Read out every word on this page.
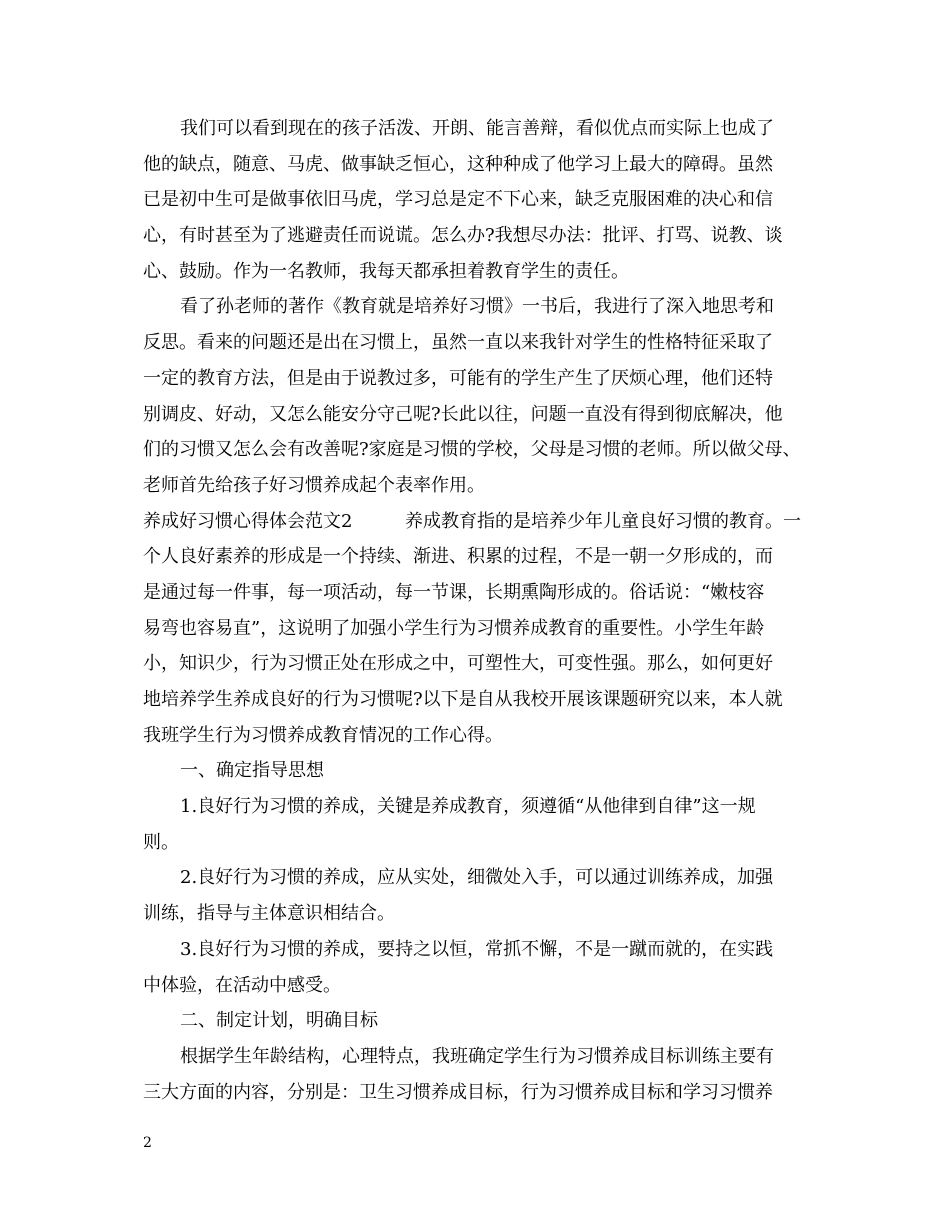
我们可以看到现在的孩子活泼、开朗、能言善辩，看似优点而实际上也成了
他的缺点，随意、马虎、做事缺乏恒心，这种种成了他学习上最大的障碍。虽然
已是初中生可是做事依旧马虎，学习总是定不下心来，缺乏克服困难的决心和信
心，有时甚至为了逃避责任而说谎。怎么办?我想尽办法：批评、打骂、说教、谈
心、鼓励。作为一名教师，我每天都承担着教育学生的责任。
看了孙老师的著作《教育就是培养好习惯》一书后，我进行了深入地思考和
反思。看来的问题还是出在习惯上，虽然一直以来我针对学生的性格特征采取了
一定的教育方法，但是由于说教过多，可能有的学生产生了厌烦心理，他们还特
别调皮、好动，又怎么能安分守己呢?长此以往，问题一直没有得到彻底解决，他
们的习惯又怎么会有改善呢?家庭是习惯的学校，父母是习惯的老师。所以做父母、
老师首先给孩子好习惯养成起个表率作用。
养成好习惯心得体会范文2	养成教育指的是培养少年儿童良好习惯的教育。一
个人良好素养的形成是一个持续、渐进、积累的过程，不是一朝一夕形成的，而
是通过每一件事，每一项活动，每一节课，长期熏陶形成的。俗话说：“嫩枝容
易弯也容易直”，这说明了加强小学生行为习惯养成教育的重要性。小学生年龄
小，知识少，行为习惯正处在形成之中，可塑性大，可变性强。那么，如何更好
地培养学生养成良好的行为习惯呢?以下是自从我校开展该课题研究以来，本人就
我班学生行为习惯养成教育情况的工作心得。
一、确定指导思想
1.良好行为习惯的养成，关键是养成教育，须遵循“从他律到自律”这一规
则。
2.良好行为习惯的养成，应从实处，细微处入手，可以通过训练养成，加强
训练，指导与主体意识相结合。
3.良好行为习惯的养成，要持之以恒，常抓不懈，不是一蹴而就的，在实践
中体验，在活动中感受。
二、制定计划，明确目标
根据学生年龄结构，心理特点，我班确定学生行为习惯养成目标训练主要有
三大方面的内容，分别是：卫生习惯养成目标，行为习惯养成目标和学习习惯养
2
